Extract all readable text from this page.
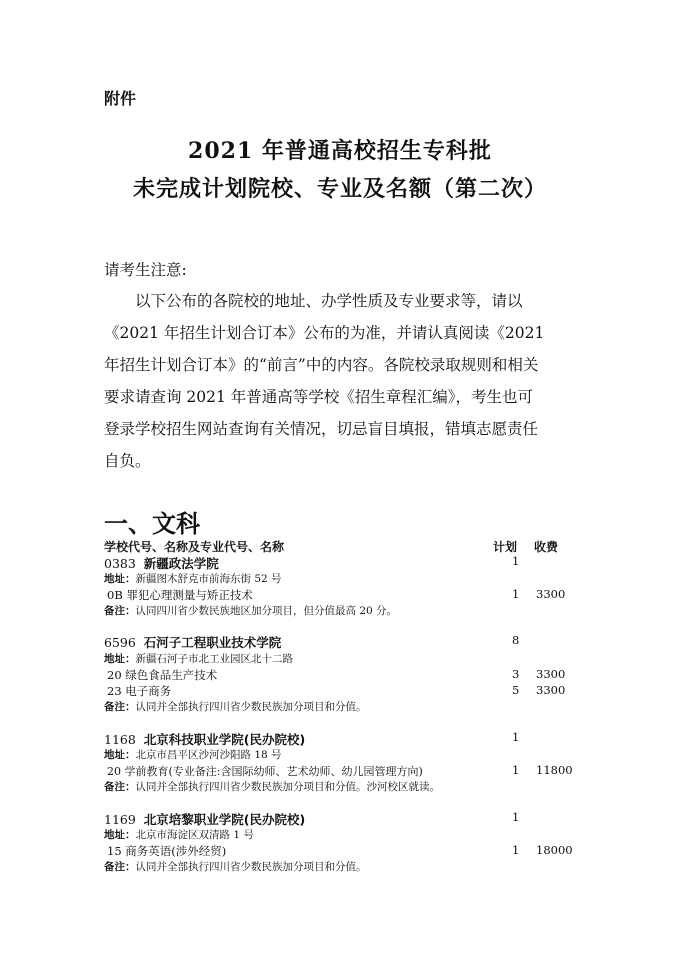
附件
2021 年普通高校招生专科批
未完成计划院校、专业及名额（第二次）
请考生注意:
以下公布的各院校的地址、办学性质及专业要求等，请以
《2021 年招生计划合订本》公布的为准，并请认真阅读《2021
年招生计划合订本》的“前言”中的内容。各院校录取规则和相关
要求请查询 2021 年普通高等学校《招生章程汇编》，考生也可
登录学校招生网站查询有关情况，切忌盲目填报，错填志愿责任
自负。
一、文科
学校代号、名称及专业代号、名称	计划 收费
0383 新疆政法学院	1
地址：新疆图木舒克市前海东街 52 号
0B 罪犯心理测量与矫正技术	1 3300
备注：认同四川省少数民族地区加分项目，但分值最高 20 分。
6596 石河子工程职业技术学院	8
地址：新疆石河子市北工业园区北十二路
20 绿色食品生产技术	3 3300
23 电子商务	5 3300
备注：认同并全部执行四川省少数民族加分项目和分值。
1168 北京科技职业学院(民办院校)	1
地址：北京市昌平区沙河沙阳路 18 号
20 学前教育(专业备注:含国际幼师、艺术幼师、幼儿园管理方向)	1 11800
备注：认同并全部执行四川省少数民族加分项目和分值。沙河校区就读。
1169 北京培黎职业学院(民办院校)	1
地址：北京市海淀区双清路 1 号
15 商务英语(涉外经贸)	1 18000
备注：认同并全部执行四川省少数民族加分项目和分值。
